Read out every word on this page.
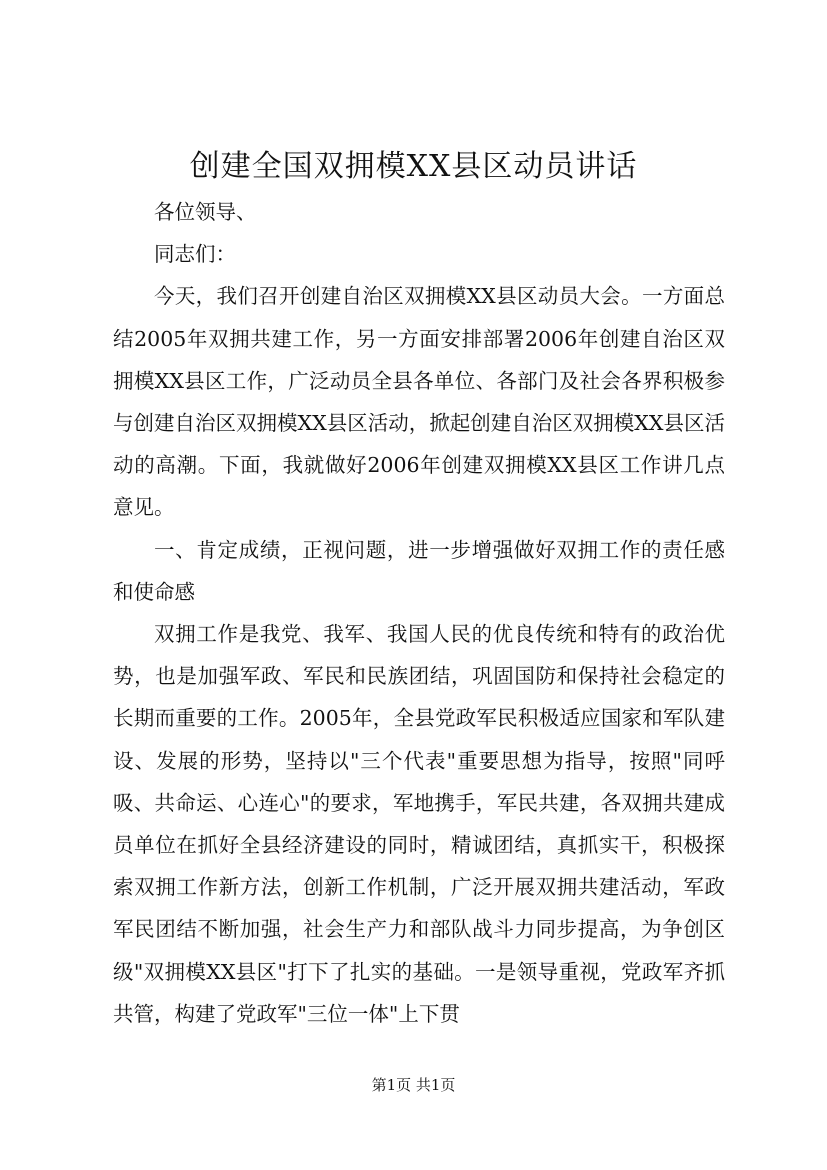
创建全国双拥模XX县区动员讲话

各位领导、

同志们：

今天，我们召开创建自治区双拥模XX县区动员大会。一方面总结2005年双拥共建工作，另一方面安排部署2006年创建自治区双拥模XX县区工作，广泛动员全县各单位、各部门及社会各界积极参与创建自治区双拥模XX县区活动，掀起创建自治区双拥模XX县区活动的高潮。下面，我就做好2006年创建双拥模XX县区工作讲几点意见。

一、肯定成绩，正视问题，进一步增强做好双拥工作的责任感和使命感

双拥工作是我党、我军、我国人民的优良传统和特有的政治优势，也是加强军政、军民和民族团结，巩固国防和保持社会稳定的长期而重要的工作。2005年，全县党政军民积极适应国家和军队建设、发展的形势，坚持以"三个代表"重要思想为指导，按照"同呼吸、共命运、心连心"的要求，军地携手，军民共建，各双拥共建成员单位在抓好全县经济建设的同时，精诚团结，真抓实干，积极探索双拥工作新方法，创新工作机制，广泛开展双拥共建活动，军政军民团结不断加强，社会生产力和部队战斗力同步提高，为争创区级"双拥模XX县区"打下了扎实的基础。一是领导重视，党政军齐抓共管，构建了党政军"三位一体"上下贯

第1页 共1页
